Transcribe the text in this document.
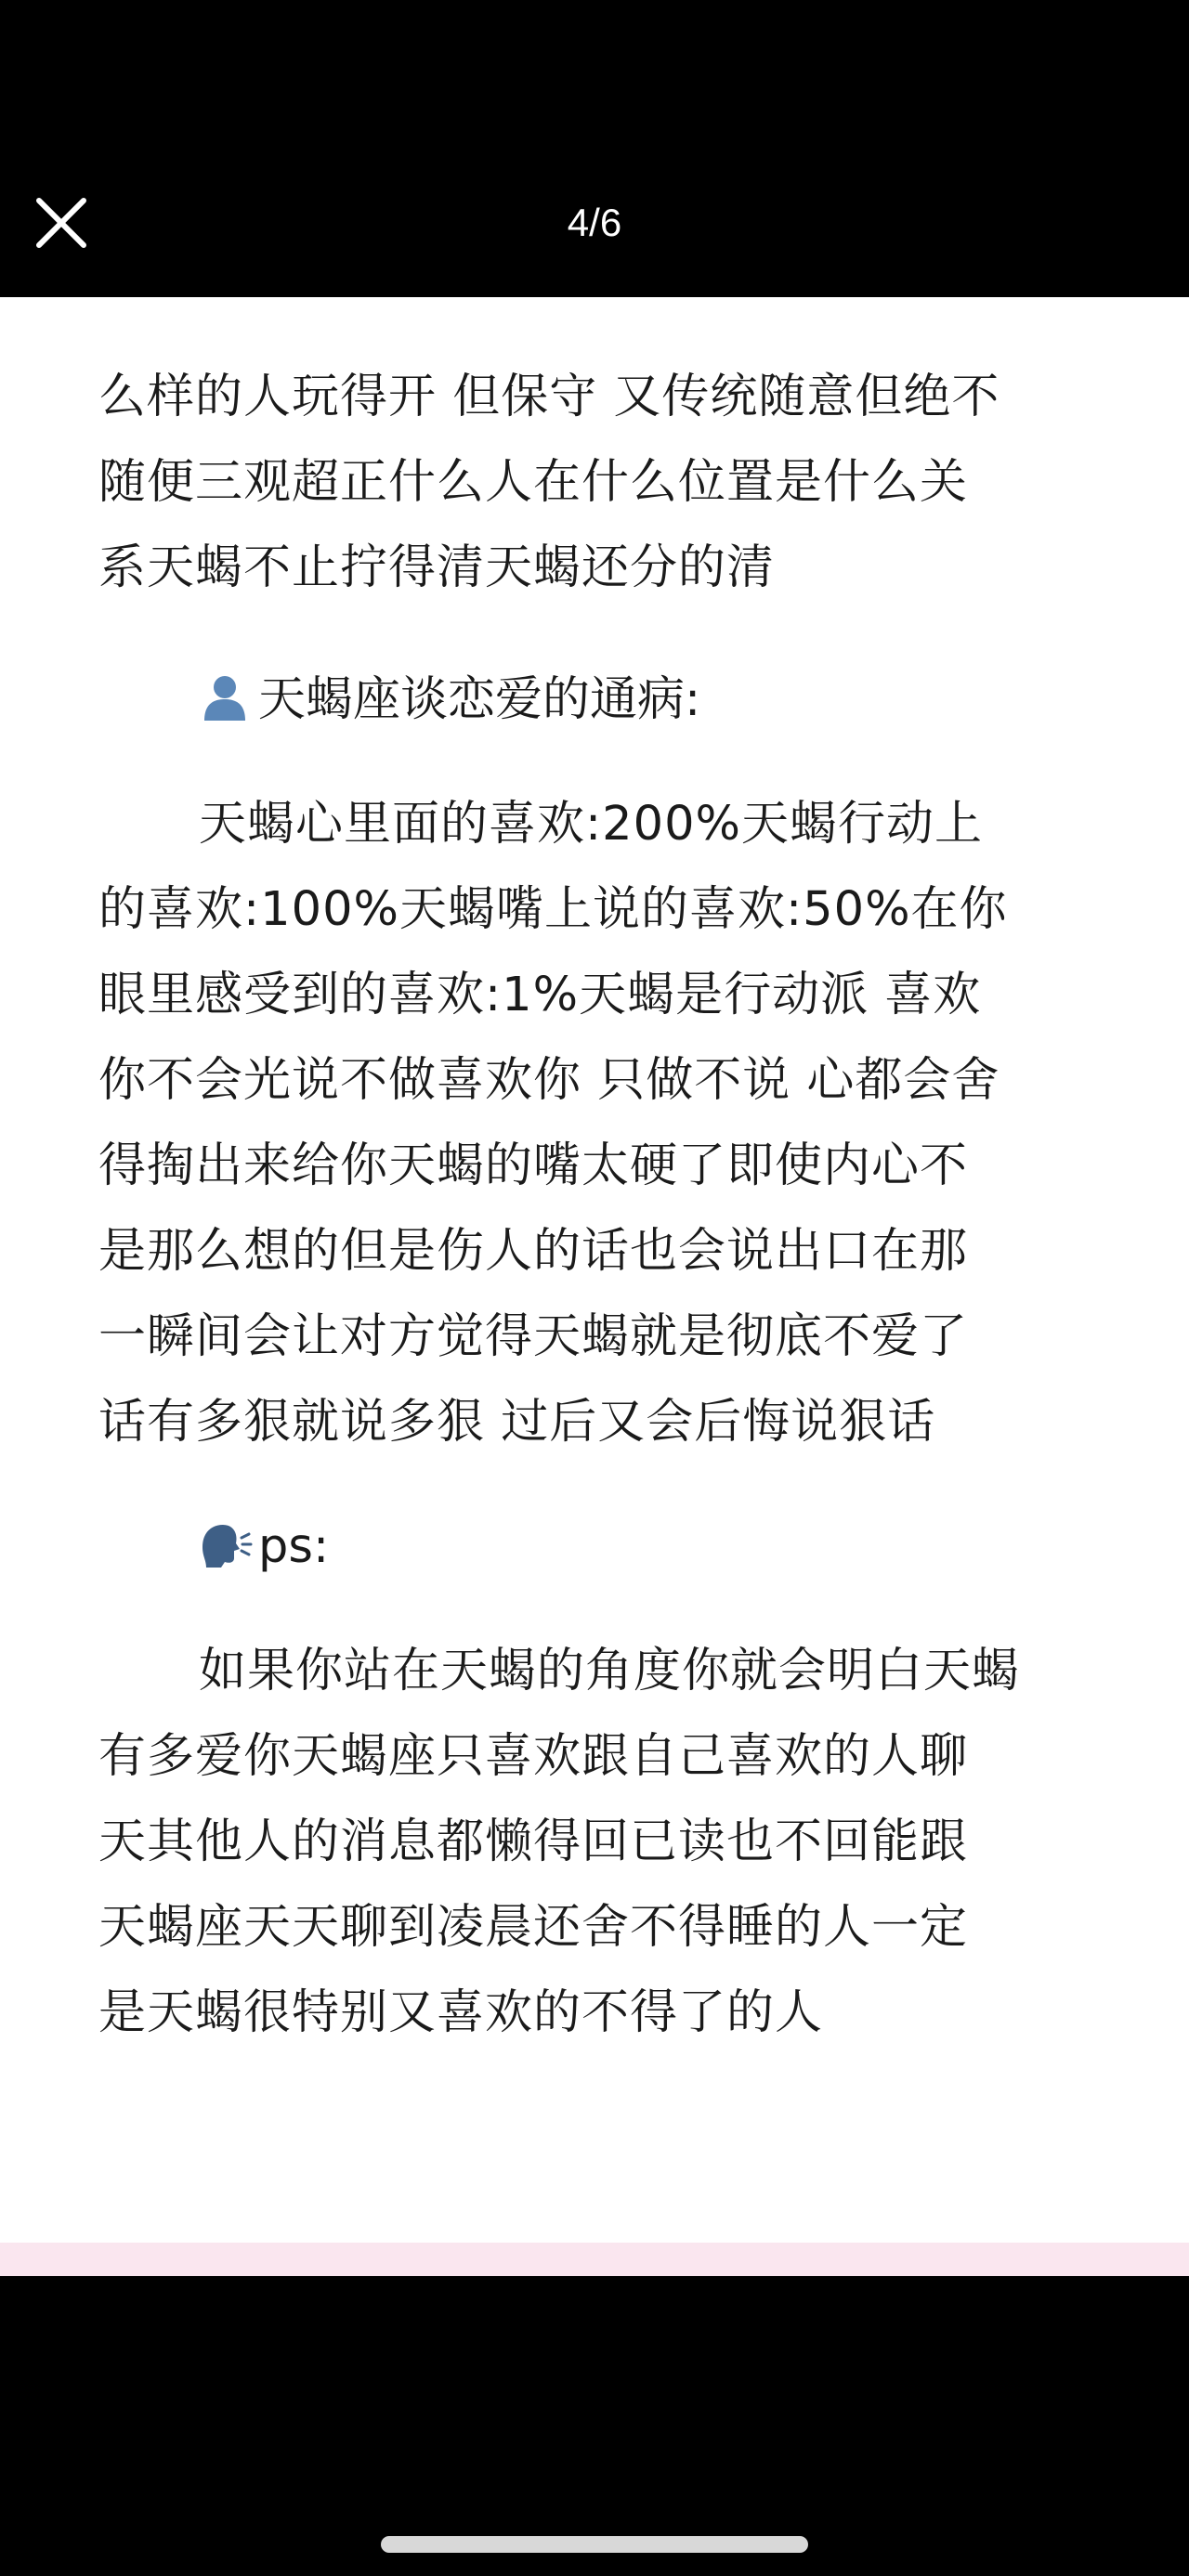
4/6
么样的人玩得开 但保守 又传统随意但绝不
随便三观超正什么人在什么位置是什么关
系天蝎不止拧得清天蝎还分的清
天蝎座谈恋爱的通病:
天蝎心里面的喜欢:200%天蝎行动上
的喜欢:100%天蝎嘴上说的喜欢:50%在你
眼里感受到的喜欢:1%天蝎是行动派 喜欢
你不会光说不做喜欢你 只做不说 心都会舍
得掏出来给你天蝎的嘴太硬了即使内心不
是那么想的但是伤人的话也会说出口在那
一瞬间会让对方觉得天蝎就是彻底不爱了
话有多狠就说多狠 过后又会后悔说狠话
ps:
如果你站在天蝎的角度你就会明白天蝎
有多爱你天蝎座只喜欢跟自己喜欢的人聊
天其他人的消息都懒得回已读也不回能跟
天蝎座天天聊到凌晨还舍不得睡的人一定
是天蝎很特别又喜欢的不得了的人
